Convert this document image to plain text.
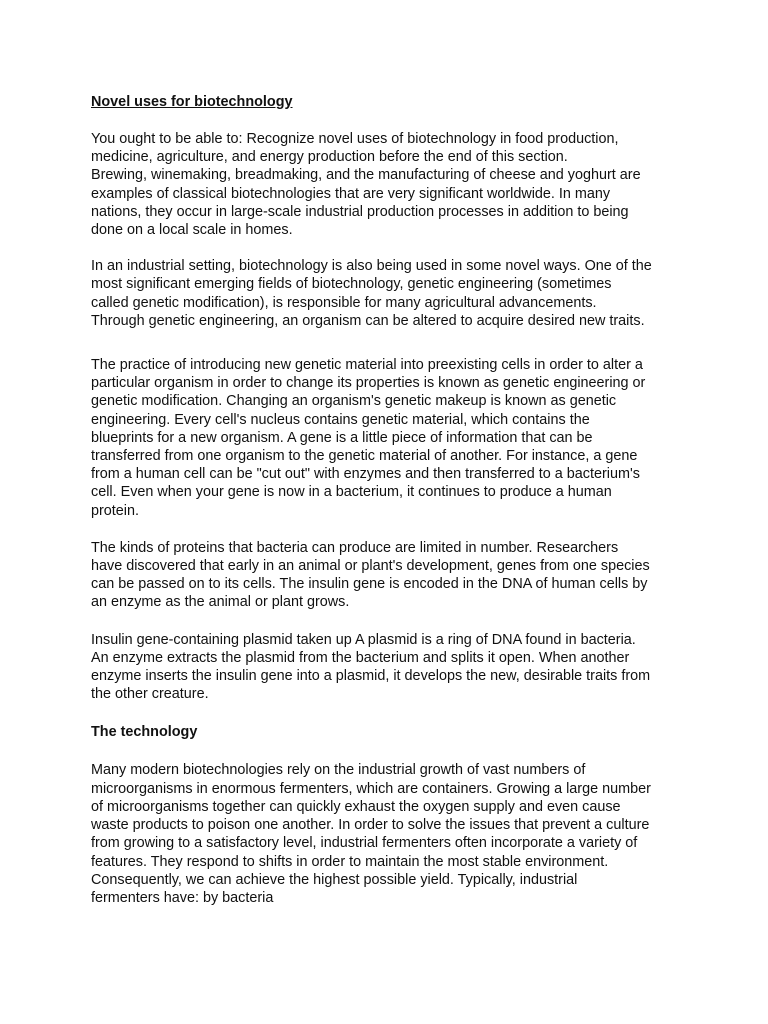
Novel uses for biotechnology

You ought to be able to: Recognize novel uses of biotechnology in food production,
medicine, agriculture, and energy production before the end of this section.
Brewing, winemaking, breadmaking, and the manufacturing of cheese and yoghurt are
examples of classical biotechnologies that are very significant worldwide. In many
nations, they occur in large-scale industrial production processes in addition to being
done on a local scale in homes.

In an industrial setting, biotechnology is also being used in some novel ways. One of the
most significant emerging fields of biotechnology, genetic engineering (sometimes
called genetic modification), is responsible for many agricultural advancements.
Through genetic engineering, an organism can be altered to acquire desired new traits.

The practice of introducing new genetic material into preexisting cells in order to alter a
particular organism in order to change its properties is known as genetic engineering or
genetic modification. Changing an organism's genetic makeup is known as genetic
engineering. Every cell's nucleus contains genetic material, which contains the
blueprints for a new organism. A gene is a little piece of information that can be
transferred from one organism to the genetic material of another. For instance, a gene
from a human cell can be "cut out" with enzymes and then transferred to a bacterium's
cell. Even when your gene is now in a bacterium, it continues to produce a human
protein.

The kinds of proteins that bacteria can produce are limited in number. Researchers
have discovered that early in an animal or plant's development, genes from one species
can be passed on to its cells. The insulin gene is encoded in the DNA of human cells by
an enzyme as the animal or plant grows.

Insulin gene-containing plasmid taken up A plasmid is a ring of DNA found in bacteria.
An enzyme extracts the plasmid from the bacterium and splits it open. When another
enzyme inserts the insulin gene into a plasmid, it develops the new, desirable traits from
the other creature.

The technology

Many modern biotechnologies rely on the industrial growth of vast numbers of
microorganisms in enormous fermenters, which are containers. Growing a large number
of microorganisms together can quickly exhaust the oxygen supply and even cause
waste products to poison one another. In order to solve the issues that prevent a culture
from growing to a satisfactory level, industrial fermenters often incorporate a variety of
features. They respond to shifts in order to maintain the most stable environment.
Consequently, we can achieve the highest possible yield. Typically, industrial
fermenters have: by bacteria
